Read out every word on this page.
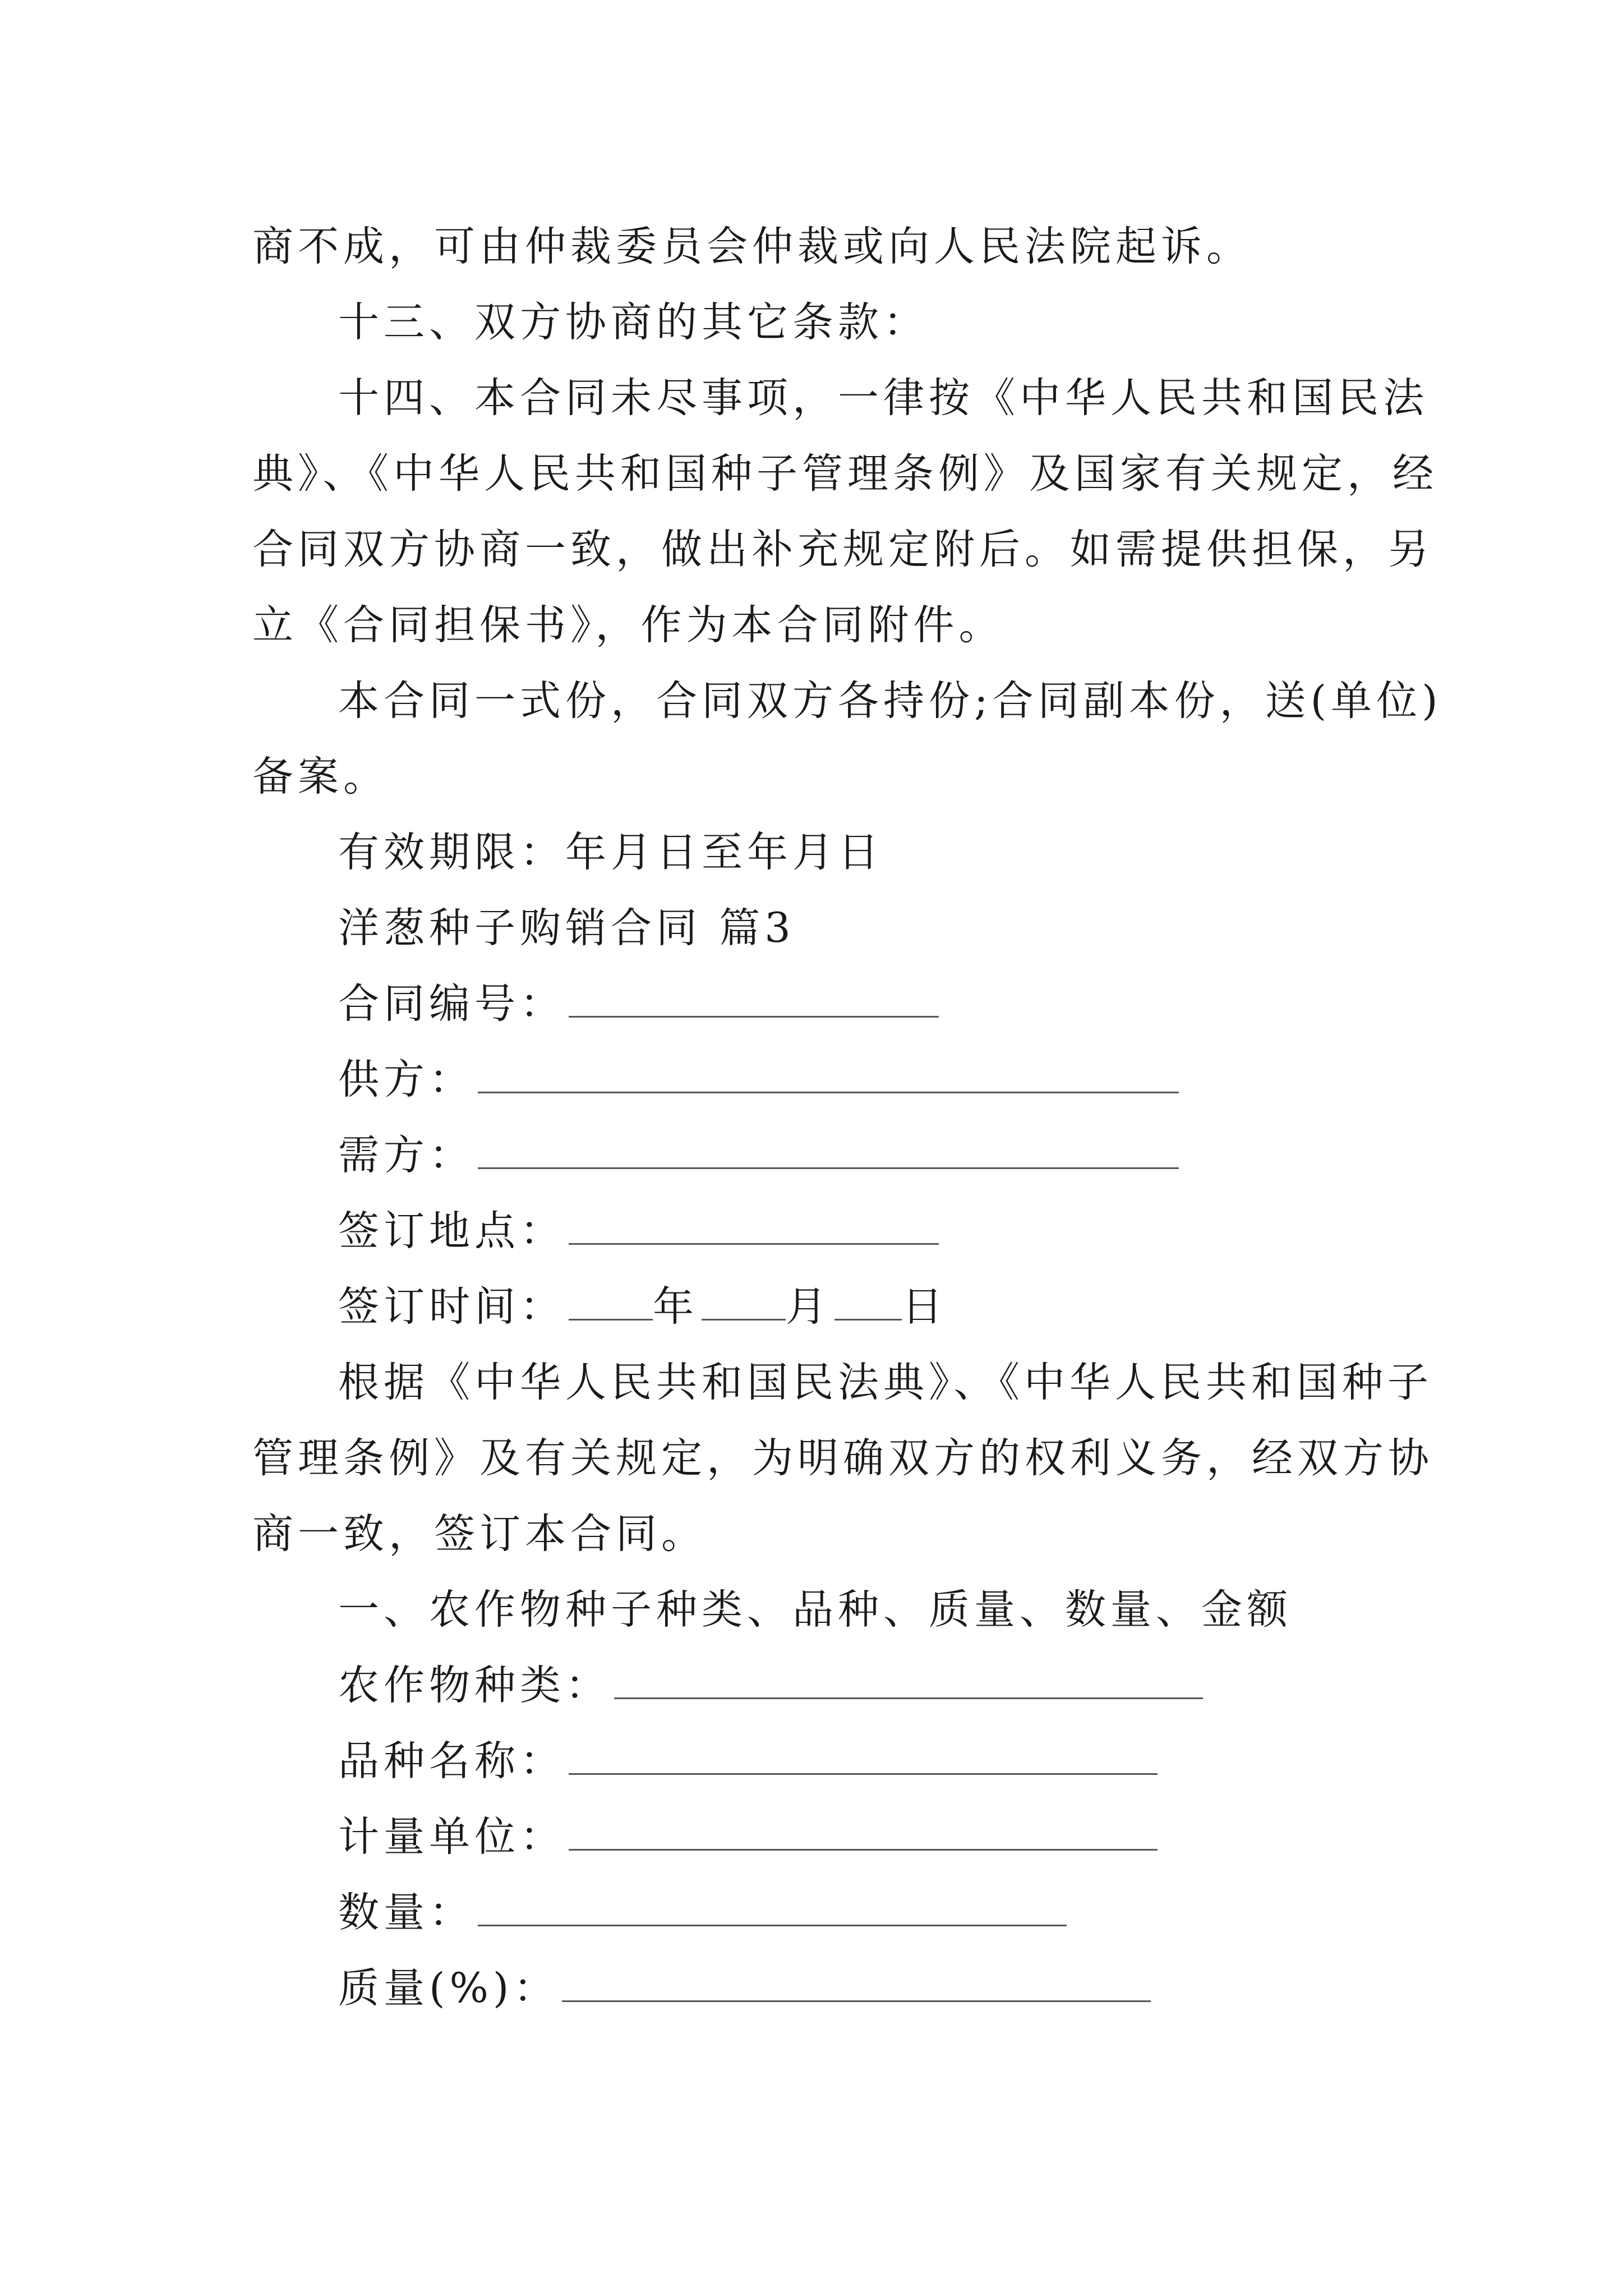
商不成，可由仲裁委员会仲裁或向人民法院起诉。
十三、双方协商的其它条款：
十四、本合同未尽事项，一律按《中华人民共和国民法
典》、《中华人民共和国种子管理条例》及国家有关规定，经
合同双方协商一致，做出补充规定附后。如需提供担保，另
立《合同担保书》，作为本合同附件。
本合同一式份，合同双方各持份;合同副本份，送(单位)
备案。
有效期限：年月日至年月日
洋葱种子购销合同 篇3
合同编号：
供方：
需方：
签订地点：
签订时间： 年 月 日
根据《中华人民共和国民法典》、《中华人民共和国种子
管理条例》及有关规定，为明确双方的权利义务，经双方协
商一致，签订本合同。
一、农作物种子种类、品种、质量、数量、金额
农作物种类：
品种名称：
计量单位：
数量：
质量(%)：
